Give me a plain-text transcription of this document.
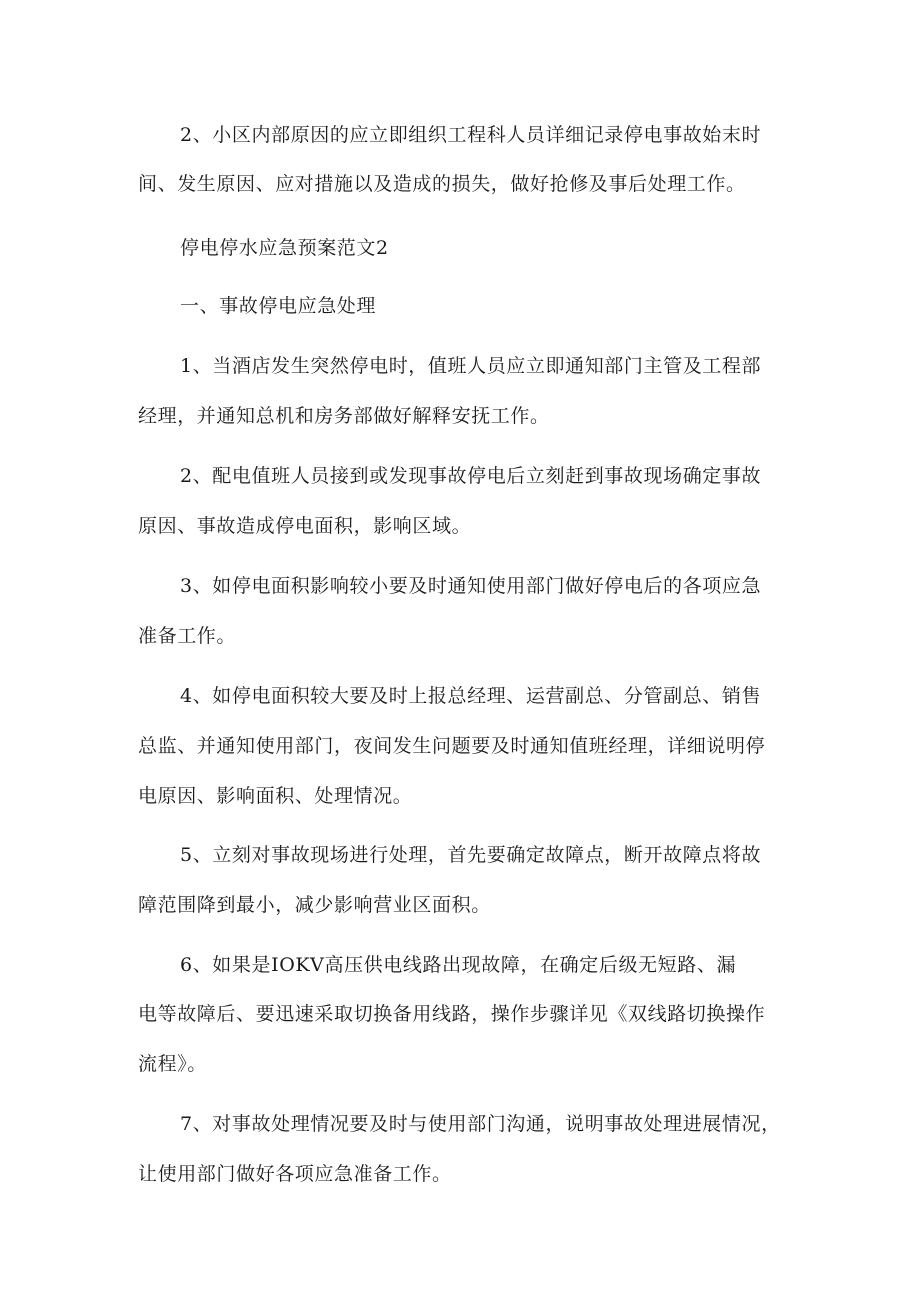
2、小区内部原因的应立即组织工程科人员详细记录停电事故始末时
间、发生原因、应对措施以及造成的损失，做好抢修及事后处理工作。
停电停水应急预案范文2
一、事故停电应急处理
1、当酒店发生突然停电时，值班人员应立即通知部门主管及工程部
经理，并通知总机和房务部做好解释安抚工作。
2、配电值班人员接到或发现事故停电后立刻赶到事故现场确定事故
原因、事故造成停电面积，影响区域。
3、如停电面积影响较小要及时通知使用部门做好停电后的各项应急
准备工作。
4、如停电面积较大要及时上报总经理、运营副总、分管副总、销售
总监、并通知使用部门，夜间发生问题要及时通知值班经理，详细说明停
电原因、影响面积、处理情况。
5、立刻对事故现场进行处理，首先要确定故障点，断开故障点将故
障范围降到最小，减少影响营业区面积。
6、如果是IOKV高压供电线路出现故障，在确定后级无短路、漏
电等故障后、要迅速采取切换备用线路，操作步骤详见《双线路切换操作
流程》。
7、对事故处理情况要及时与使用部门沟通，说明事故处理进展情况，
让使用部门做好各项应急准备工作。
